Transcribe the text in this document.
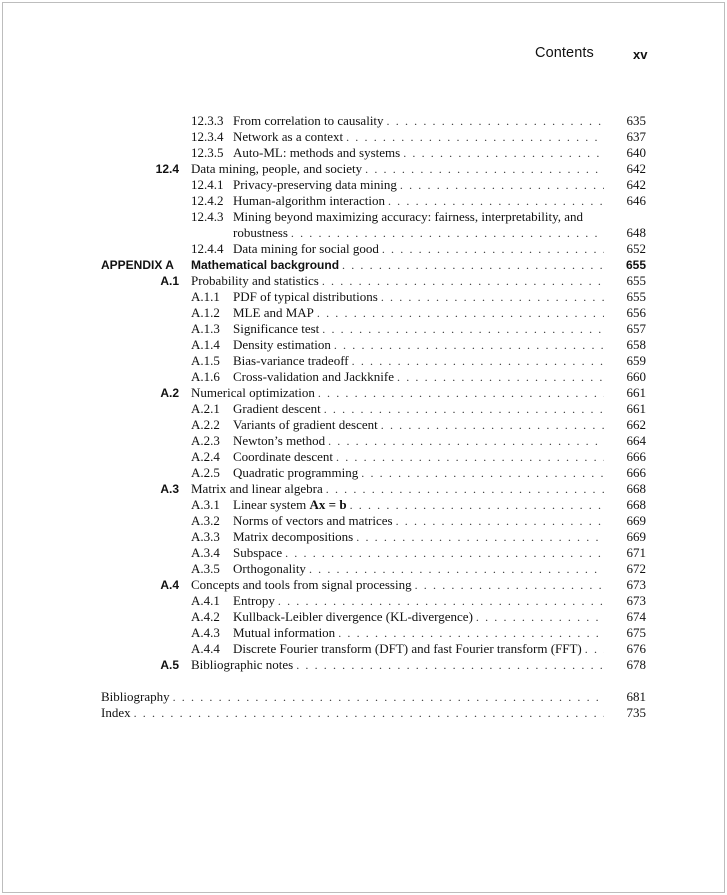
Contents	xv
12.3.3 From correlation to causality . . .	635
12.3.4 Network as a context . . .	637
12.3.5 Auto-ML: methods and systems . . .	640
12.4 Data mining, people, and society . . .	642
12.4.1 Privacy-preserving data mining . . .	642
12.4.2 Human-algorithm interaction . . .	646
12.4.3 Mining beyond maximizing accuracy: fairness, interpretability, and
robustness . . .	648
12.4.4 Data mining for social good . . .	652
APPENDIX A Mathematical background . . .	655
A.1 Probability and statistics . . .	655
A.1.1 PDF of typical distributions . . .	655
A.1.2 MLE and MAP . . .	656
A.1.3 Significance test . . .	657
A.1.4 Density estimation . . .	658
A.1.5 Bias-variance tradeoff . . .	659
A.1.6 Cross-validation and Jackknife . . .	660
A.2 Numerical optimization . . .	661
A.2.1 Gradient descent . . .	661
A.2.2 Variants of gradient descent . . .	662
A.2.3 Newton’s method . . .	664
A.2.4 Coordinate descent . . .	666
A.2.5 Quadratic programming . . .	666
A.3 Matrix and linear algebra . . .	668
A.3.1 Linear system Ax = b . . .	668
A.3.2 Norms of vectors and matrices . . .	669
A.3.3 Matrix decompositions . . .	669
A.3.4 Subspace . . .	671
A.3.5 Orthogonality . . .	672
A.4 Concepts and tools from signal processing . . .	673
A.4.1 Entropy . . .	673
A.4.2 Kullback-Leibler divergence (KL-divergence) . . .	674
A.4.3 Mutual information . . .	675
A.4.4 Discrete Fourier transform (DFT) and fast Fourier transform (FFT) . . .	676
A.5 Bibliographic notes . . .	678
Bibliography . . .	681
Index . . .	735
